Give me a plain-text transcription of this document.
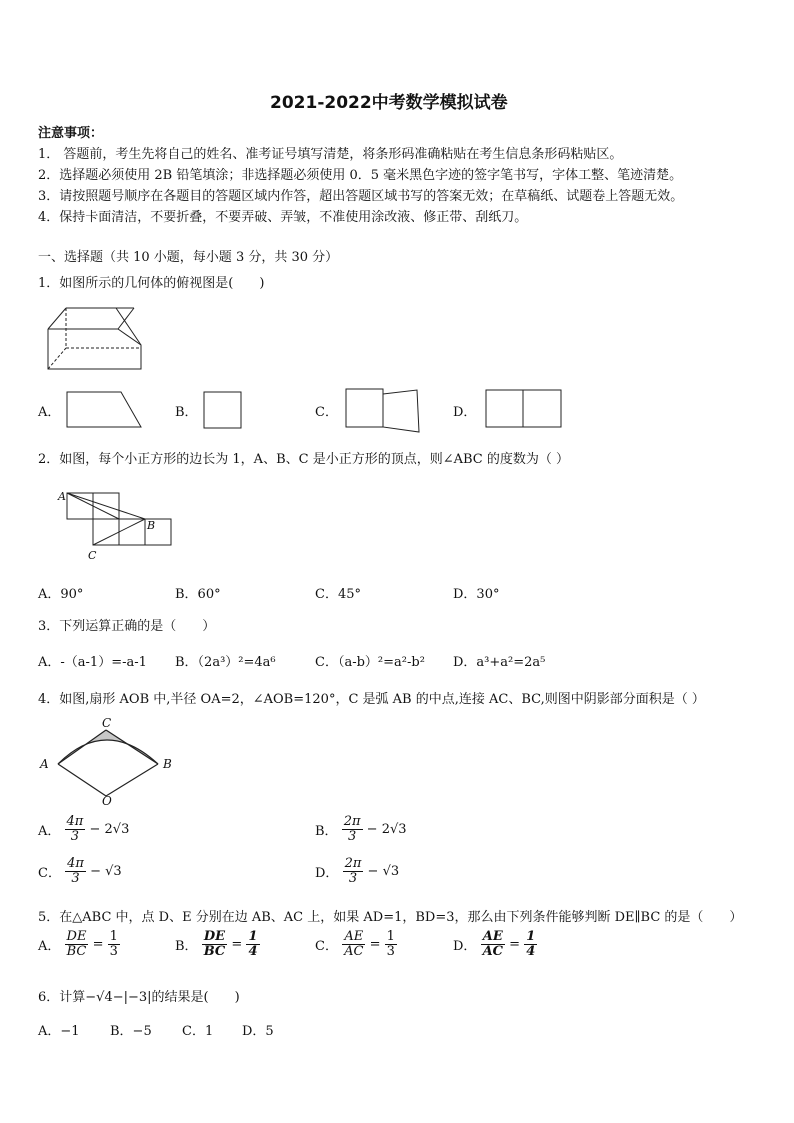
2021-2022中考数学模拟试卷
注意事项：
1． 答题前，考生先将自己的姓名、准考证号填写清楚，将条形码准确粘贴在考生信息条形码粘贴区。
2．选择题必须使用 2B 铅笔填涂；非选择题必须使用 0．5 毫米黑色字迹的签字笔书写，字体工整、笔迹清楚。
3．请按照题号顺序在各题目的答题区域内作答，超出答题区域书写的答案无效；在草稿纸、试题卷上答题无效。
4．保持卡面清洁，不要折叠，不要弄破、弄皱，不准使用涂改液、修正带、刮纸刀。
一、选择题（共 10 小题，每小题 3 分，共 30 分）
1．如图所示的几何体的俯视图是(　　)
A．	B．	C．	D．
2．如图，每个小正方形的边长为 1，A、B、C 是小正方形的顶点，则∠ABC 的度数为（ ）
A
B
C
A．90°	B．60°	C．45°	D．30°
3．下列运算正确的是（　　）
A．-（a-1）=-a-1 B．（2a³）²=4a⁶	C．（a-b）²=a²-b² D．a³+a²=2a⁵
4．如图,扇形 AOB 中,半径 OA=2，∠AOB=120°，C 是弧 AB 的中点,连接 AC、BC,则图中阴影部分面积是（ ）
C
A	B
O
A． $\frac{4\pi}{3} - 2√3$	B． $\frac{2\pi}{3} - 2√3$
C． $\frac{4\pi}{3} - √3$	D． $\frac{2\pi}{3} - √3$
5．在△ABC 中，点 D、E 分别在边 AB、AC 上，如果 AD=1，BD=3，那么由下列条件能够判断 DE∥BC 的是（　　）
A． $\frac{DE}{BC} = \frac{1}{3}$	B． $\frac{DE}{BC} = \frac{1}{4}$	C． $\frac{AE}{AC} = \frac{1}{3}$	D． $\frac{AE}{AC} = \frac{1}{4}$
6．计算−√4−|−3|的结果是(　　)
A．−1 B．−5 C．1 D．5
